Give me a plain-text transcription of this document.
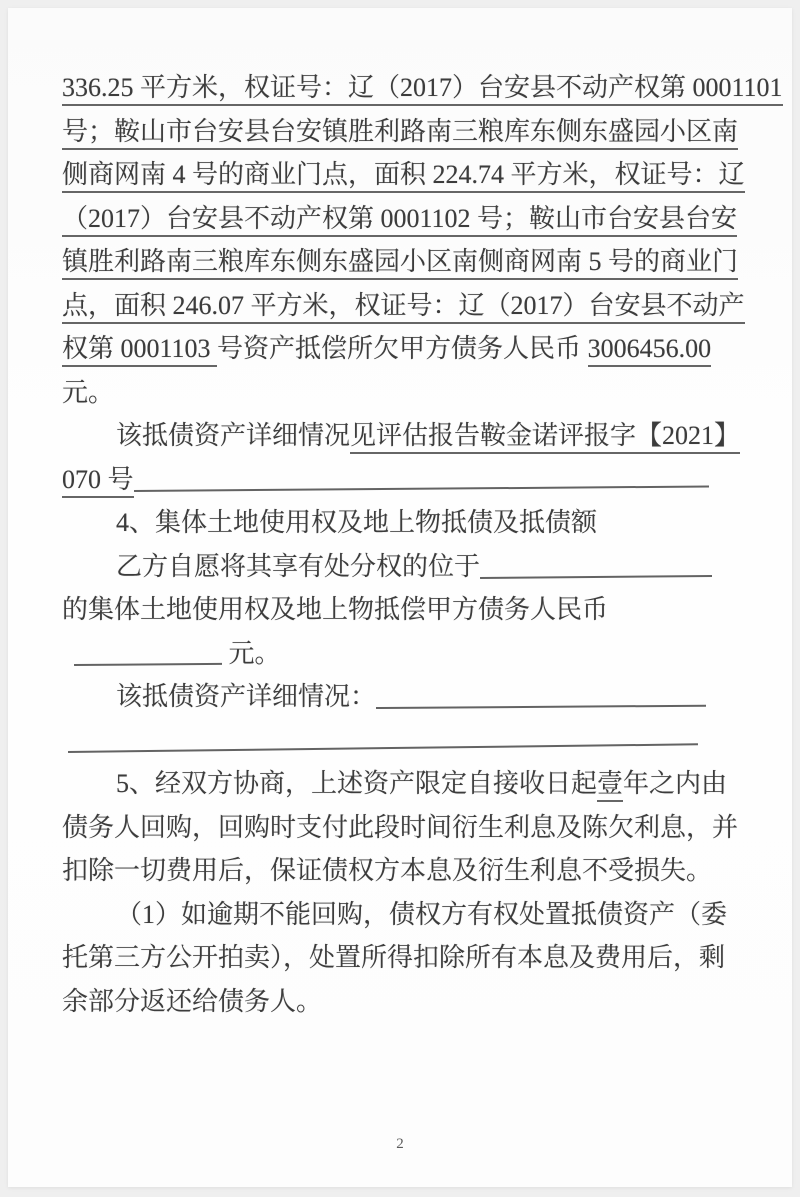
336.25 平方米，权证号：辽（2017）台安县不动产权第 0001101
号；鞍山市台安县台安镇胜利路南三粮库东侧东盛园小区南
侧商网南 4 号的商业门点，面积 224.74 平方米，权证号：辽
（2017）台安县不动产权第 0001102 号；鞍山市台安县台安
镇胜利路南三粮库东侧东盛园小区南侧商网南 5 号的商业门
点，面积 246.07 平方米，权证号：辽（2017）台安县不动产
权第 0001103 号资产抵偿所欠甲方债务人民币 3006456.00
元。
该抵债资产详细情况见评估报告鞍金诺评报字【2021】
070 号
4、集体土地使用权及地上物抵债及抵债额
乙方自愿将其享有处分权的位于
的集体土地使用权及地上物抵偿甲方债务人民币
元。
该抵债资产详细情况：
5、经双方协商，上述资产限定自接收日起壹年之内由
债务人回购，回购时支付此段时间衍生利息及陈欠利息，并
扣除一切费用后，保证债权方本息及衍生利息不受损失。
（1）如逾期不能回购，债权方有权处置抵债资产（委
托第三方公开拍卖），处置所得扣除所有本息及费用后，剩
余部分返还给债务人。
2
